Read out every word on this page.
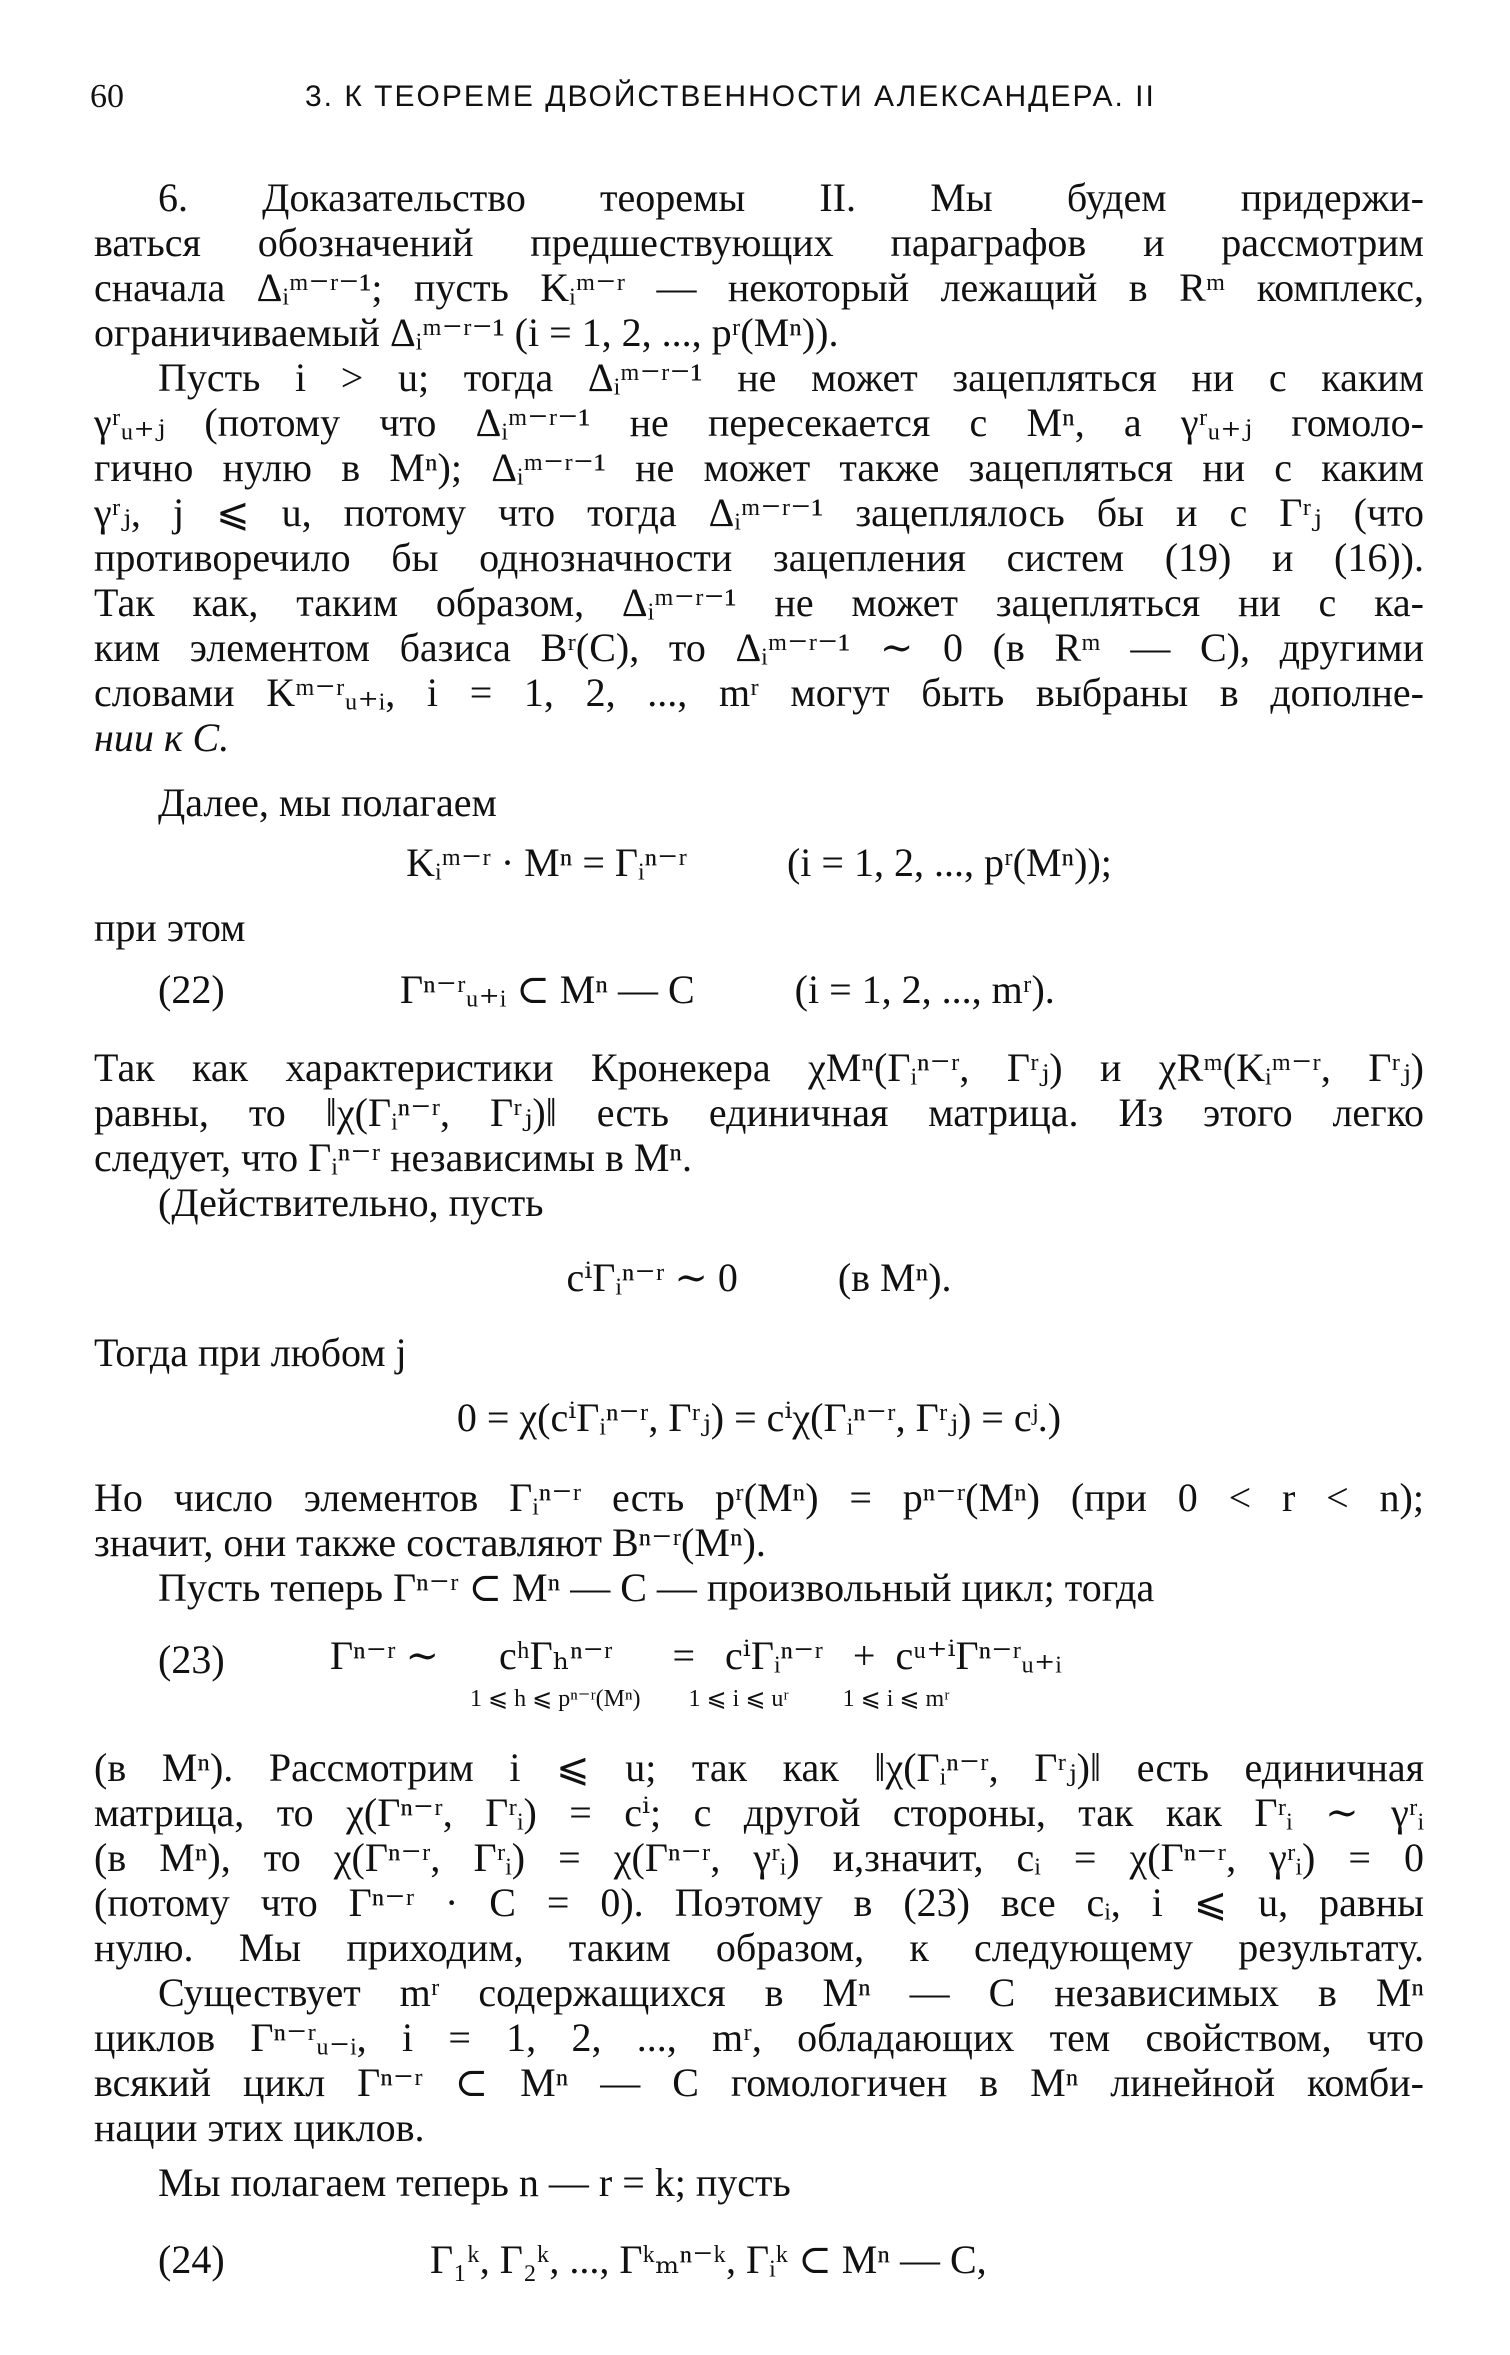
60	3. К ТЕОРЕМЕ ДВОЙСТВЕННОСТИ АЛЕКСАНДЕРА. II
6. Доказательство теоремы II. Мы будем придержи-
ваться обозначений предшествующих параграфов и рассмотрим
сначала Δᵢᵐ⁻ʳ⁻¹; пусть Kᵢᵐ⁻ʳ — некоторый лежащий в Rᵐ комплекс,
ограничиваемый Δᵢᵐ⁻ʳ⁻¹ (i = 1, 2, ..., pʳ(Mⁿ)).
Пусть i > u; тогда Δᵢᵐ⁻ʳ⁻¹ не может зацепляться ни с каким
γʳᵤ₊ⱼ (потому что Δᵢᵐ⁻ʳ⁻¹ не пересекается с Mⁿ, а γʳᵤ₊ⱼ гомоло-
гично нулю в Mⁿ); Δᵢᵐ⁻ʳ⁻¹ не может также зацепляться ни с каким
γʳⱼ, j ⩽ u, потому что тогда Δᵢᵐ⁻ʳ⁻¹ зацеплялось бы и с Γʳⱼ (что
противоречило бы однозначности зацепления систем (19) и (16)).
Так как, таким образом, Δᵢᵐ⁻ʳ⁻¹ не может зацепляться ни с ка-
ким элементом базиса Bʳ(C), то Δᵢᵐ⁻ʳ⁻¹ ∼ 0 (в Rᵐ — C), другими
словами Kᵐ⁻ʳᵤ₊ᵢ, i = 1, 2, ..., mʳ могут быть выбраны в дополне-
нии к C.
Далее, мы полагаем
Kᵢᵐ⁻ʳ · Mⁿ = Γᵢⁿ⁻ʳ          (i = 1, 2, ..., pʳ(Mⁿ));
при этом
(22)	Γⁿ⁻ʳᵤ₊ᵢ ⊂ Mⁿ — C          (i = 1, 2, ..., mʳ).
Так как характеристики Кронекера χMⁿ(Γᵢⁿ⁻ʳ, Γʳⱼ) и χRᵐ(Kᵢᵐ⁻ʳ, Γʳⱼ)
равны, то ‖χ(Γᵢⁿ⁻ʳ, Γʳⱼ)‖ есть единичная матрица. Из этого легко
следует, что Γᵢⁿ⁻ʳ независимы в Mⁿ.
(Действительно, пусть
cⁱΓᵢⁿ⁻ʳ ∼ 0          (в Mⁿ).
Тогда при любом j
0 = χ(cⁱΓᵢⁿ⁻ʳ, Γʳⱼ) = cⁱχ(Γᵢⁿ⁻ʳ, Γʳⱼ) = cʲ.)
Но число элементов Γᵢⁿ⁻ʳ есть pʳ(Mⁿ) = pⁿ⁻ʳ(Mⁿ) (при 0 < r < n);
значит, они также составляют Bⁿ⁻ʳ(Mⁿ).
Пусть теперь Γⁿ⁻ʳ ⊂ Mⁿ — C — произвольный цикл; тогда
(23)	Γⁿ⁻ʳ ∼      cʰΓₕⁿ⁻ʳ      =   cⁱΓᵢⁿ⁻ʳ   +  cᵘ⁺ⁱΓⁿ⁻ʳᵤ₊ᵢ
1 ⩽ h ⩽ pⁿ⁻ʳ(Mⁿ)        1 ⩽ i ⩽ uʳ         1 ⩽ i ⩽ mʳ
(в Mⁿ). Рассмотрим i ⩽ u; так как ‖χ(Γᵢⁿ⁻ʳ, Γʳⱼ)‖ есть единичная
матрица, то χ(Γⁿ⁻ʳ, Γʳᵢ) = cⁱ; с другой стороны, так как Γʳᵢ ∼ γʳᵢ
(в Mⁿ), то χ(Γⁿ⁻ʳ, Γʳᵢ) = χ(Γⁿ⁻ʳ, γʳᵢ) и,значит, cᵢ = χ(Γⁿ⁻ʳ, γʳᵢ) = 0
(потому что Γⁿ⁻ʳ · C = 0). Поэтому в (23) все cᵢ, i ⩽ u, равны
нулю. Мы приходим, таким образом, к следующему результату.
Существует mʳ содержащихся в Mⁿ — C независимых в Mⁿ
циклов Γⁿ⁻ʳᵤ₋ᵢ, i = 1, 2, ..., mʳ, обладающих тем свойством, что
всякий цикл Γⁿ⁻ʳ ⊂ Mⁿ — C гомологичен в Mⁿ линейной комби-
нации этих циклов.
Мы полагаем теперь n — r = k; пусть
(24)	Γ₁ᵏ, Γ₂ᵏ, ..., Γᵏₘⁿ⁻ᵏ, Γᵢᵏ ⊂ Mⁿ — C,
